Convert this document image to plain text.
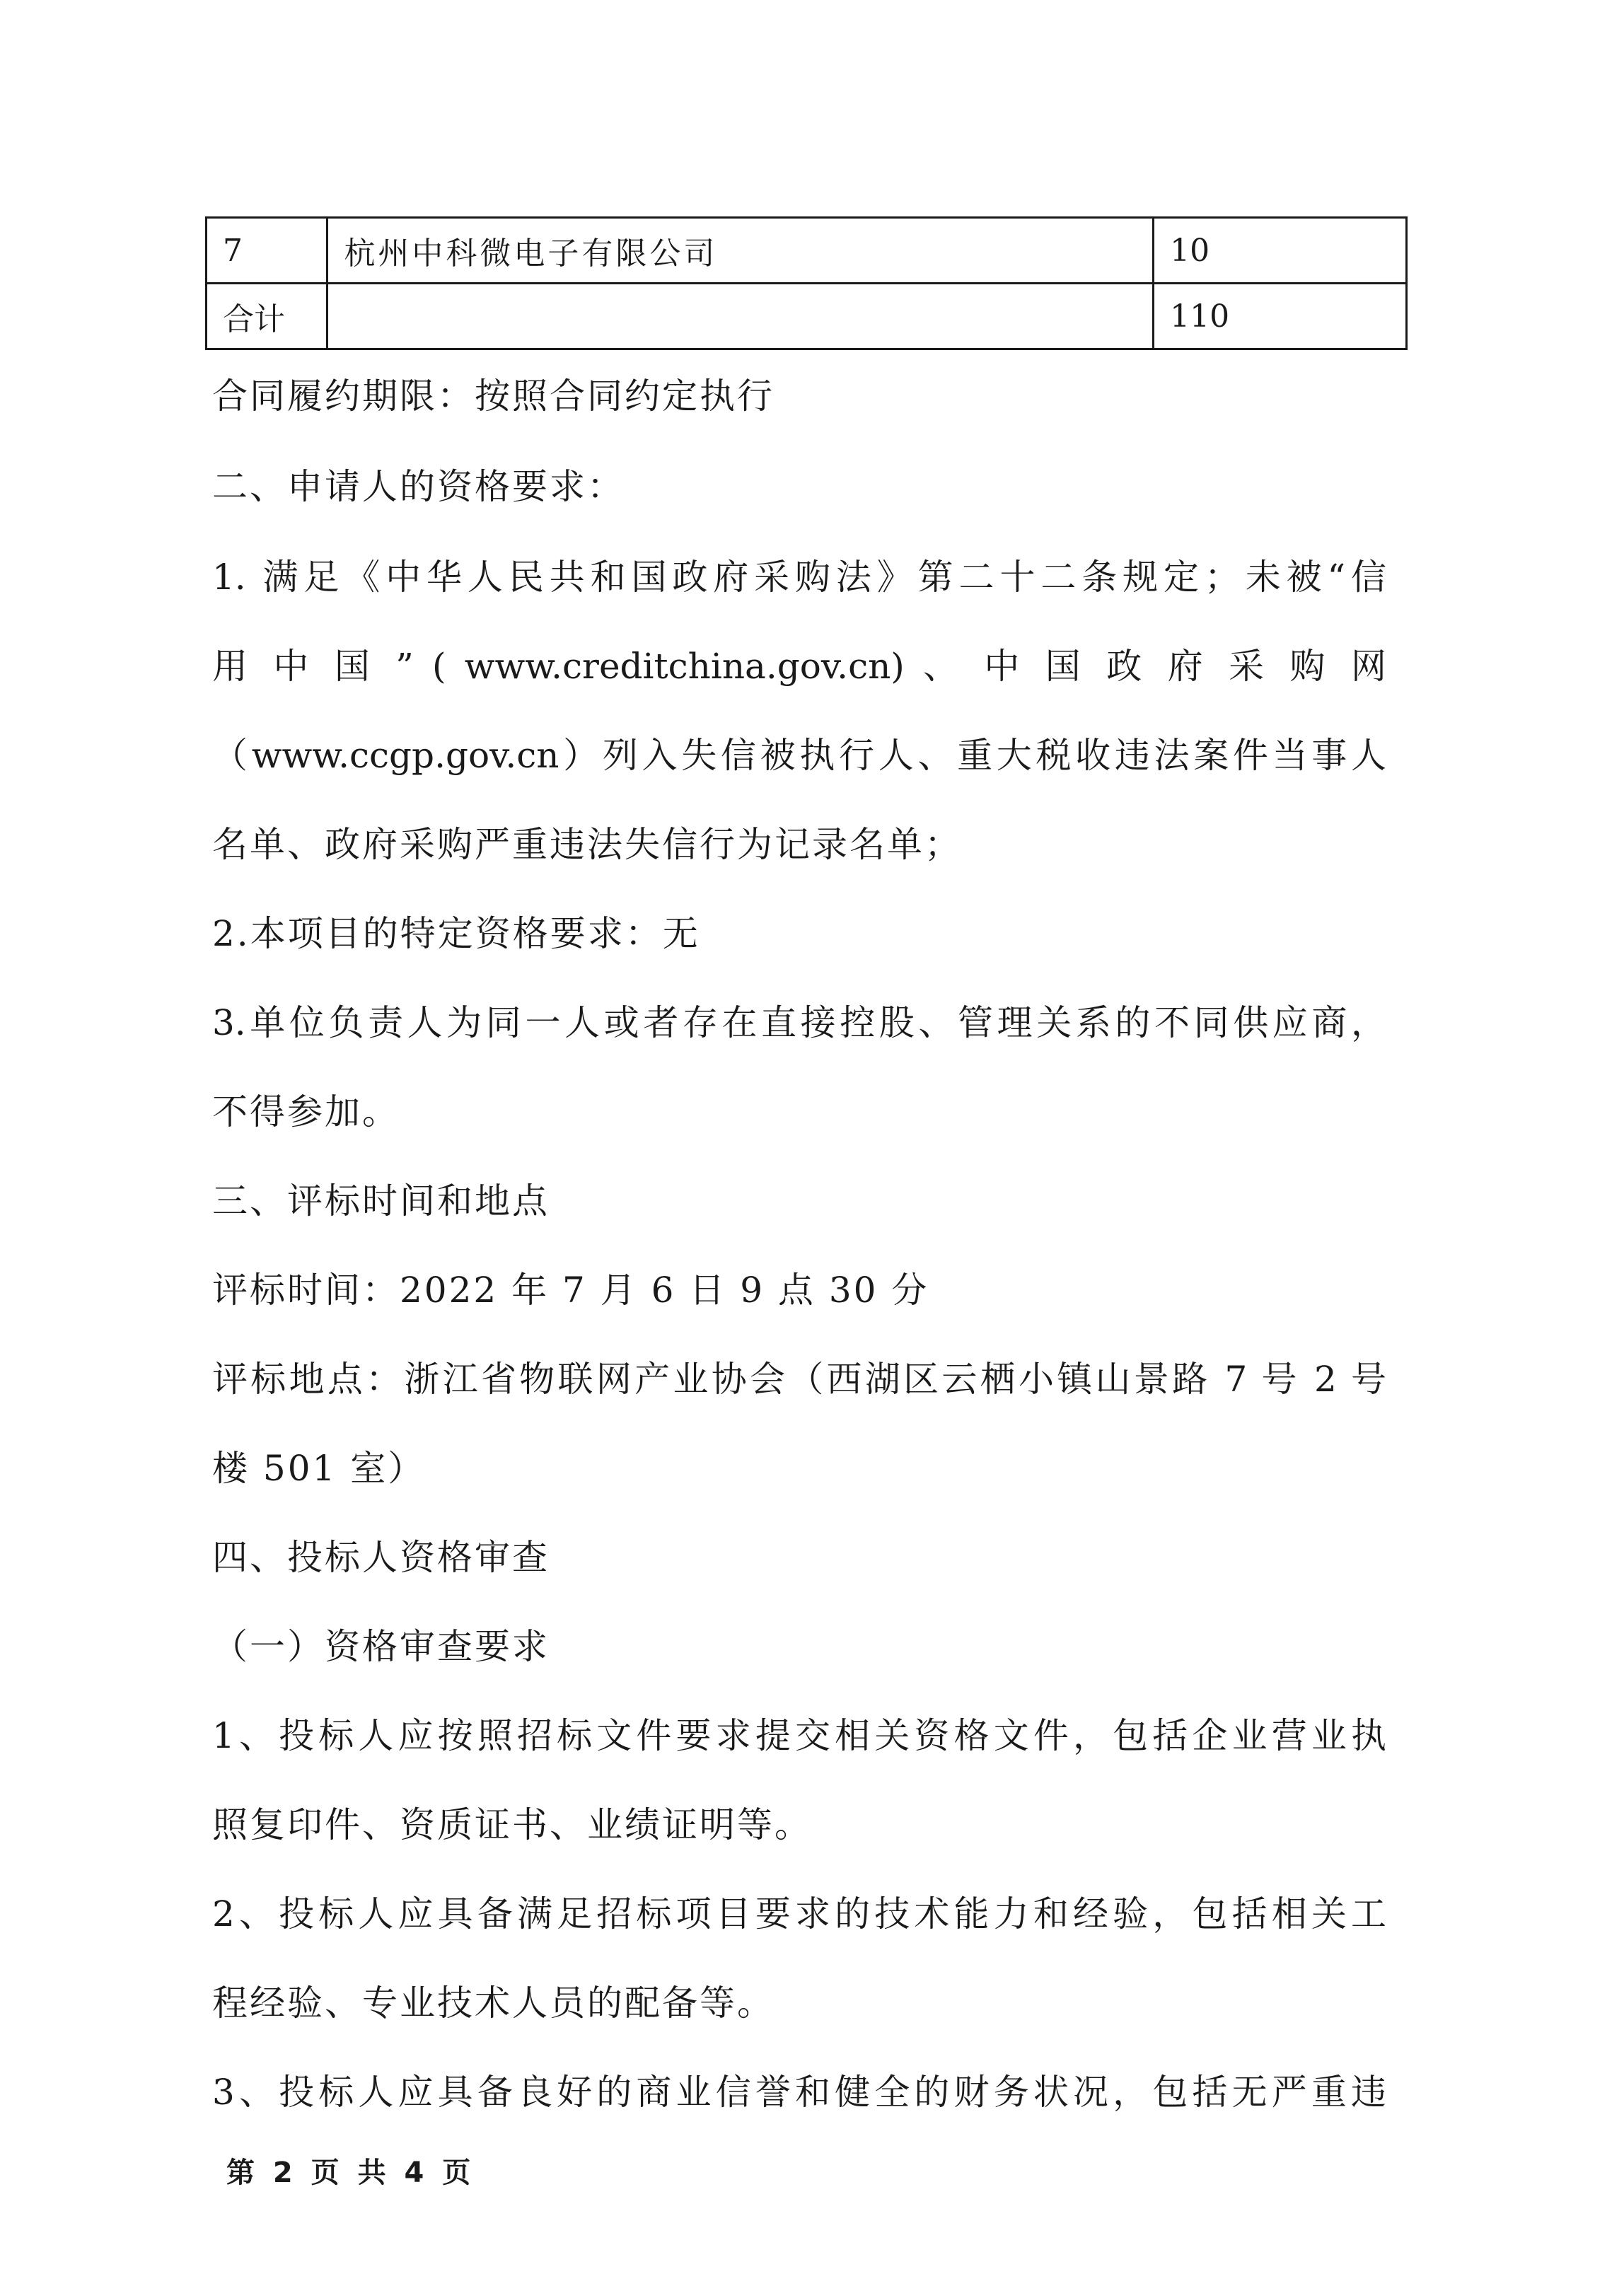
7	杭州中科微电子有限公司	10
合计		110
合同履约期限：按照合同约定执行
二、申请人的资格要求：
1. 满足《中华人民共和国政府采购法》第二十二条规定；未被“信
用 中 国 ” ( www.creditchina.gov.cn) 、 中 国 政 府 采 购 网
（www.ccgp.gov.cn）列入失信被执行人、重大税收违法案件当事人
名单、政府采购严重违法失信行为记录名单；
2.本项目的特定资格要求：无
3.单位负责人为同一人或者存在直接控股、管理关系的不同供应商，
不得参加。
三、评标时间和地点
评标时间：2022 年 7 月 6 日 9 点 30 分
评标地点：浙江省物联网产业协会（西湖区云栖小镇山景路 7 号 2 号
楼 501 室）
四、投标人资格审查
（一）资格审查要求
1、投标人应按照招标文件要求提交相关资格文件，包括企业营业执
照复印件、资质证书、业绩证明等。
2、投标人应具备满足招标项目要求的技术能力和经验，包括相关工
程经验、专业技术人员的配备等。
3、投标人应具备良好的商业信誉和健全的财务状况，包括无严重违
第 2 页 共 4 页
